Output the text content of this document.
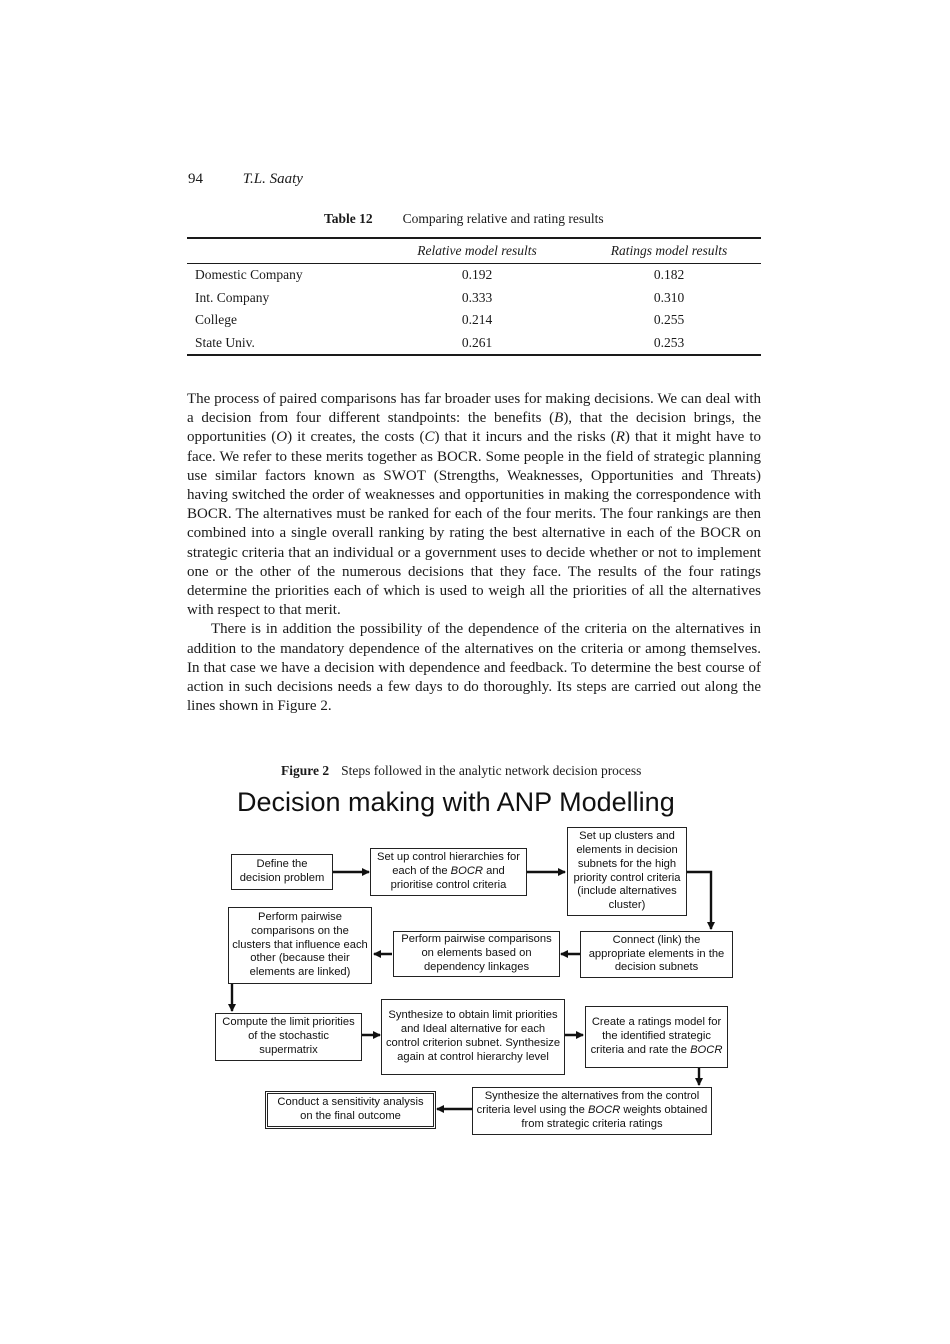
94	T.L. Saaty
Table 12 Comparing relative and rating results
	Relative model results	Ratings model results
Domestic Company	0.192	0.182
Int. Company	0.333	0.310
College	0.214	0.255
State Univ.	0.261	0.253

The process of paired comparisons has far broader uses for making decisions. We can deal with a decision from four different standpoints: the benefits (B), that the decision brings, the opportunities (O) it creates, the costs (C) that it incurs and the risks (R) that it might have to face. We refer to these merits together as BOCR. Some people in the field of strategic planning use similar factors known as SWOT (Strengths, Weaknesses, Opportunities and Threats) having switched the order of weaknesses and opportunities in making the correspondence with BOCR. The alternatives must be ranked for each of the four merits. The four rankings are then combined into a single overall ranking by rating the best alternative in each of the BOCR on strategic criteria that an individual or a government uses to decide whether or not to implement one or the other of the numerous decisions that they face. The results of the four ratings determine the priorities each of which is used to weigh all the priorities of all the alternatives with respect to that merit.

There is in addition the possibility of the dependence of the criteria on the alternatives in addition to the mandatory dependence of the alternatives on the criteria or among themselves. In that case we have a decision with dependence and feedback. To determine the best course of action in such decisions needs a few days to do thoroughly. Its steps are carried out along the lines shown in Figure 2.

Figure 2 Steps followed in the analytic network decision process
Decision making with ANP Modelling
Define the decision problem
Set up control hierarchies for each of the BOCR and prioritise control criteria
Set up clusters and elements in decision subnets for the high priority control criteria (include alternatives cluster)
Perform pairwise comparisons on the clusters that influence each other (because their elements are linked)
Perform pairwise comparisons on elements based on dependency linkages
Connect (link) the appropriate elements in the decision subnets
Compute the limit priorities of the stochastic supermatrix
Synthesize to obtain limit priorities and Ideal alternative for each control criterion subnet. Synthesize again at control hierarchy level
Create a ratings model for the identified strategic criteria and rate the BOCR
Synthesize the alternatives from the control criteria level using the BOCR weights obtained from strategic criteria ratings
Conduct a sensitivity analysis on the final outcome
